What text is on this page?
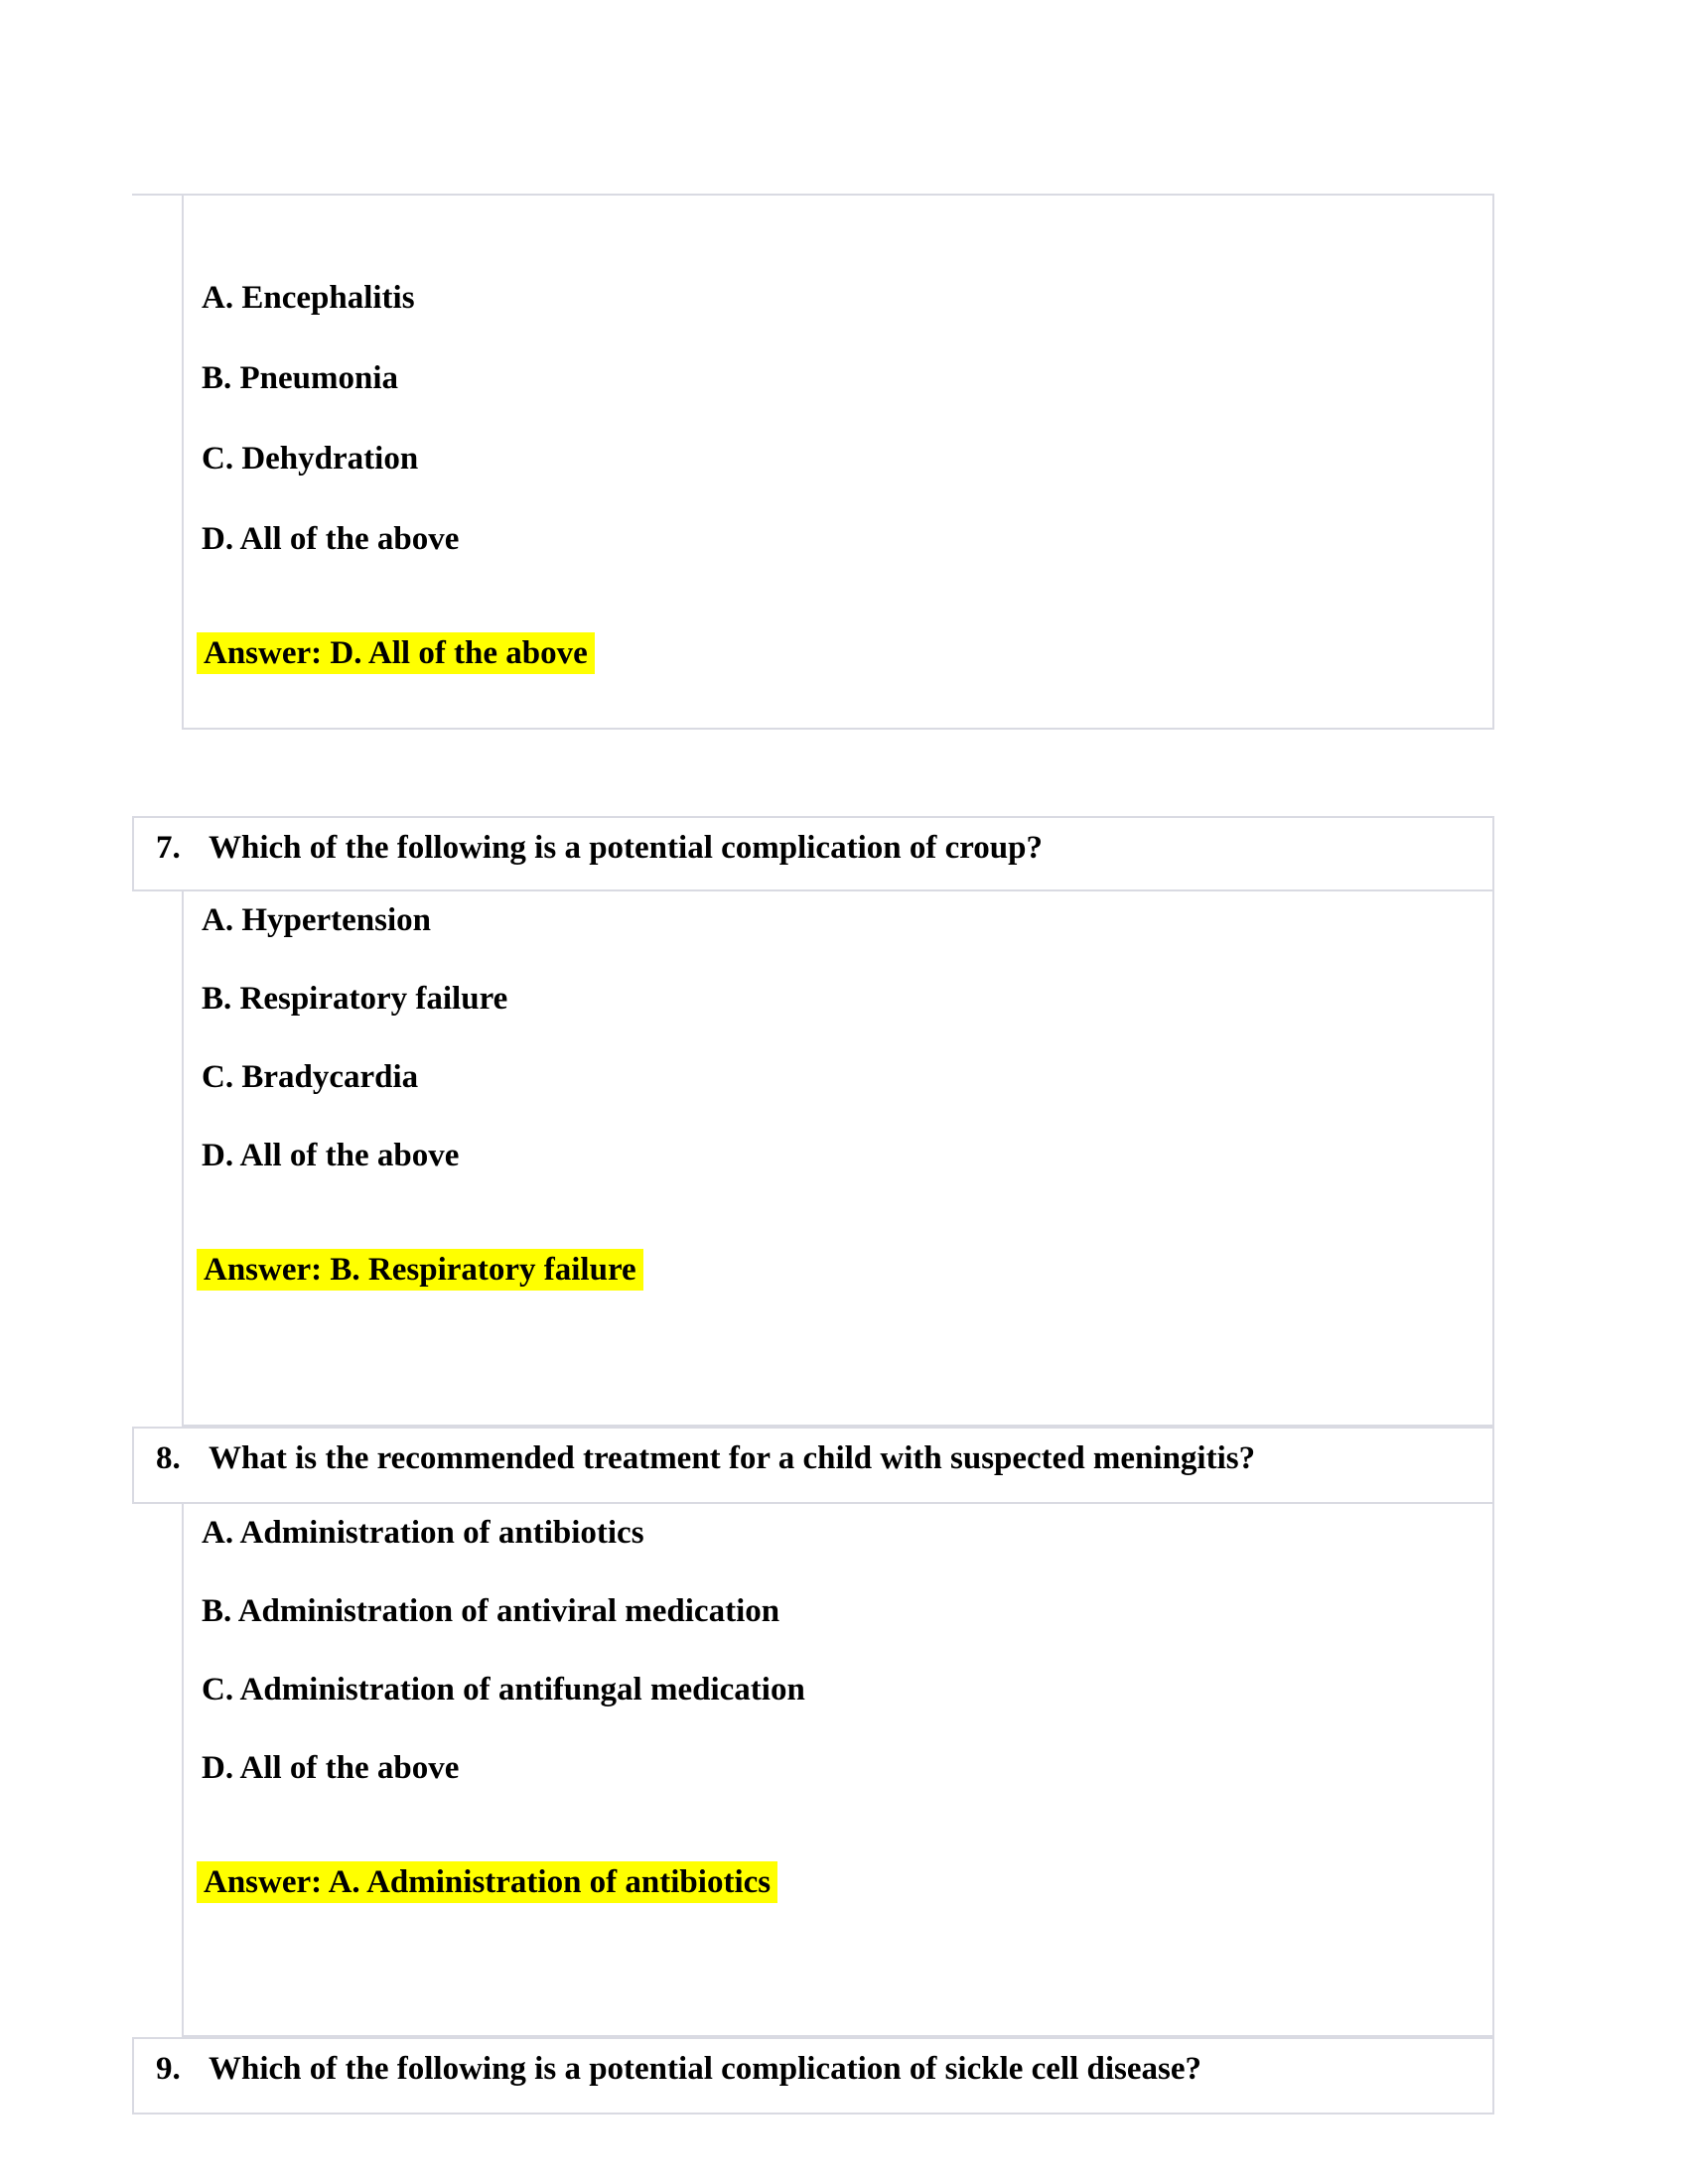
A. Encephalitis
B. Pneumonia
C. Dehydration
D. All of the above
Answer: D. All of the above
7. Which of the following is a potential complication of croup?
A. Hypertension
B. Respiratory failure
C. Bradycardia
D. All of the above
Answer: B. Respiratory failure
8. What is the recommended treatment for a child with suspected meningitis?
A. Administration of antibiotics
B. Administration of antiviral medication
C. Administration of antifungal medication
D. All of the above
Answer: A. Administration of antibiotics
9. Which of the following is a potential complication of sickle cell disease?
